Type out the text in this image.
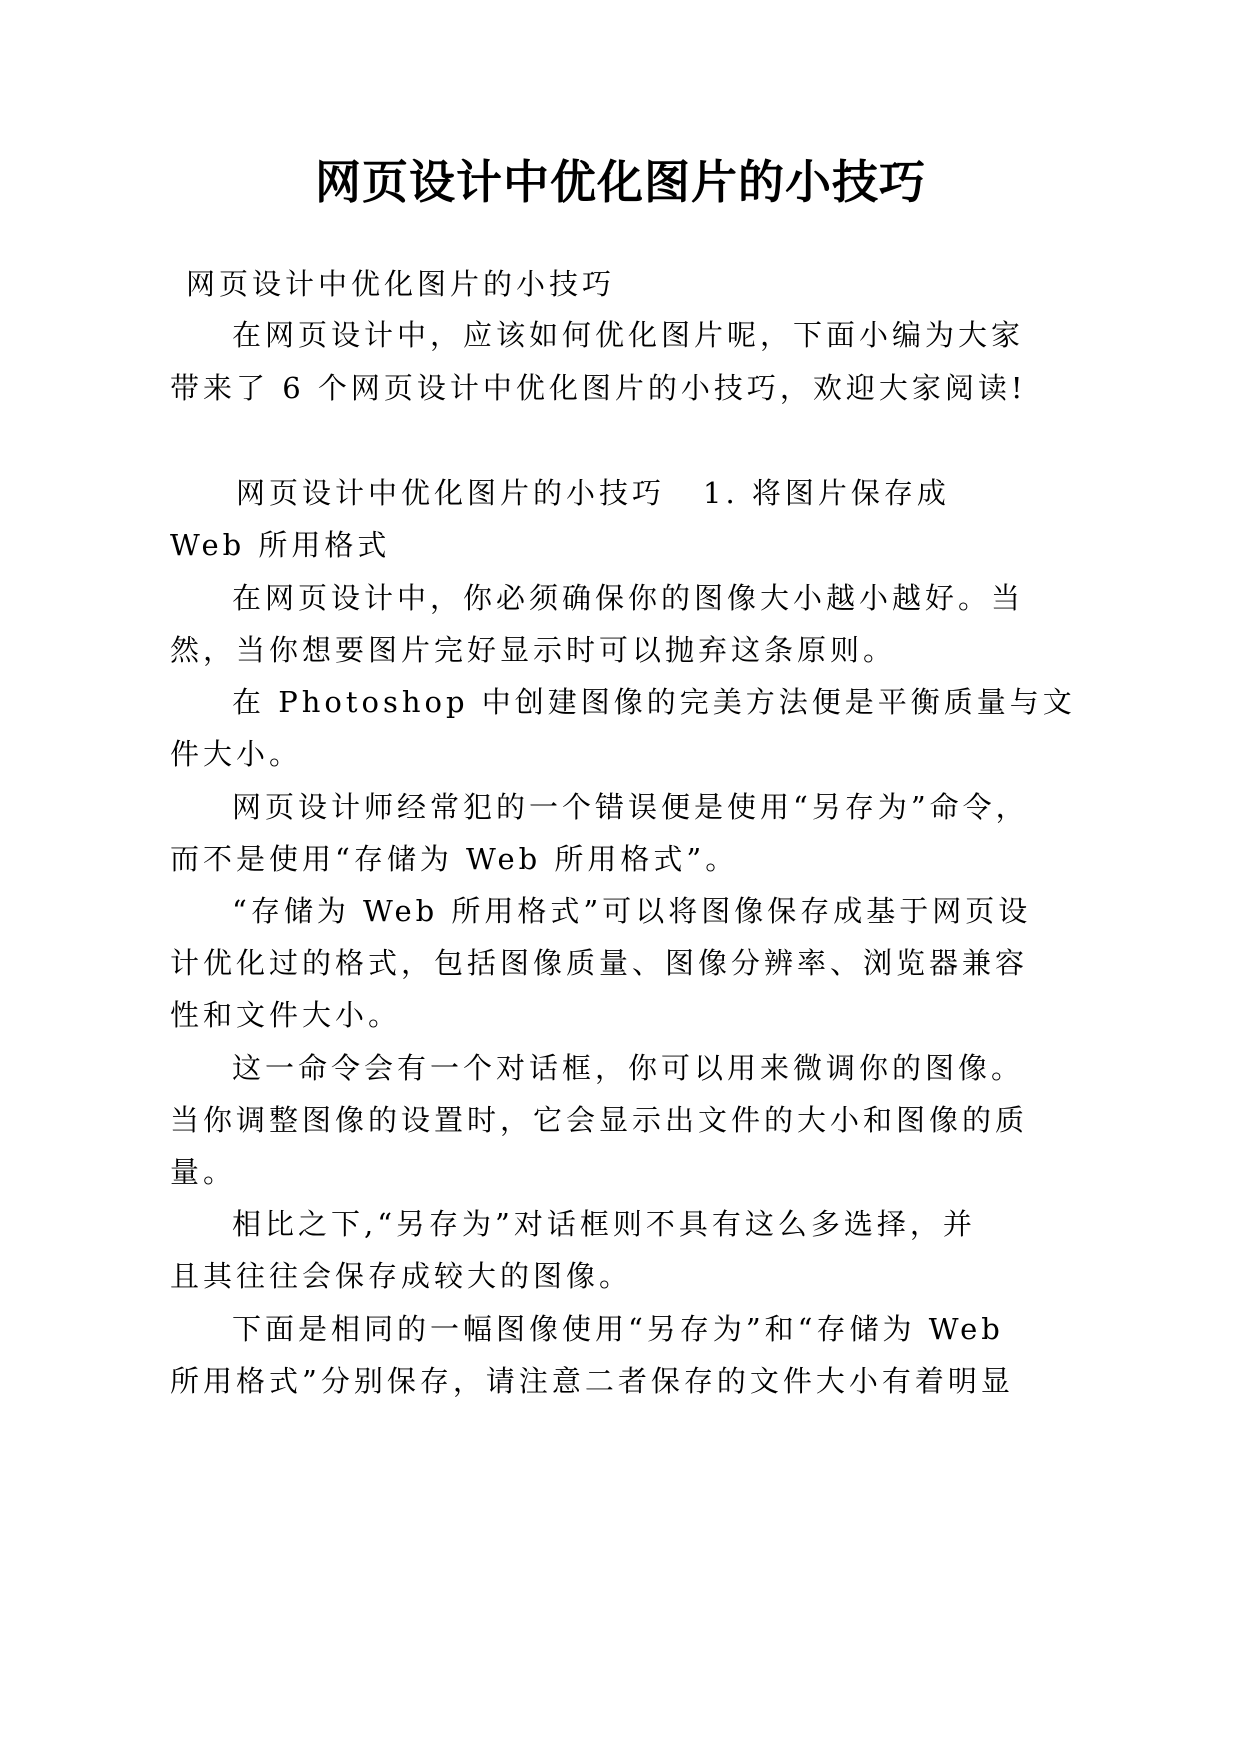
网页设计中优化图片的小技巧
网页设计中优化图片的小技巧
在网页设计中，应该如何优化图片呢，下面小编为大家
带来了 6 个网页设计中优化图片的小技巧，欢迎大家阅读!
网页设计中优化图片的小技巧 1. 将图片保存成
Web 所用格式
在网页设计中，你必须确保你的图像大小越小越好。当
然，当你想要图片完好显示时可以抛弃这条原则。
在 Photoshop 中创建图像的完美方法便是平衡质量与文
件大小。
网页设计师经常犯的一个错误便是使用“另存为”命令，
而不是使用“存储为 Web 所用格式”。
“存储为 Web 所用格式”可以将图像保存成基于网页设
计优化过的格式，包括图像质量、图像分辨率、浏览器兼容
性和文件大小。
这一命令会有一个对话框，你可以用来微调你的图像。
当你调整图像的设置时，它会显示出文件的大小和图像的质
量。
相比之下,“另存为”对话框则不具有这么多选择，并
且其往往会保存成较大的图像。
下面是相同的一幅图像使用“另存为”和“存储为 Web
所用格式”分别保存，请注意二者保存的文件大小有着明显
